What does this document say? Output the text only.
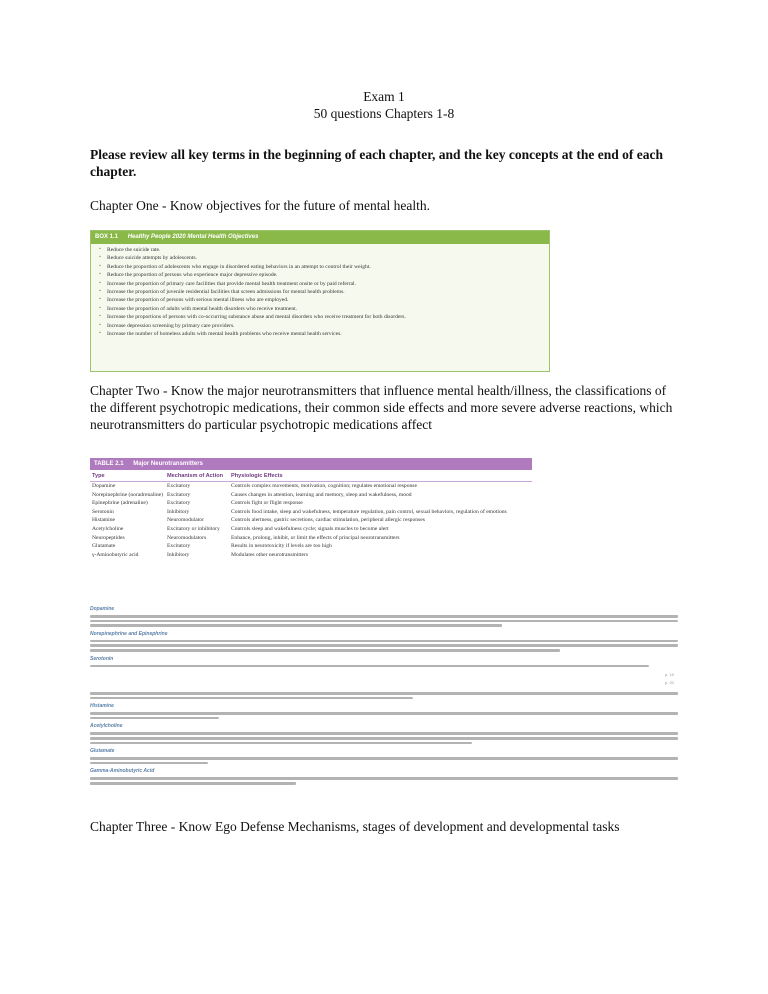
Exam 1
50 questions Chapters 1-8
Please review all key terms in the beginning of each chapter, and the key concepts at the end of each chapter.
Chapter One - Know objectives for the future of mental health.
BOX 1.1 Healthy People 2020 Mental Health Objectives
▪ Reduce the suicide rate.
▪ Reduce suicide attempts by adolescents.
▪ Reduce the proportion of adolescents who engage in disordered eating behaviors in an attempt to control their weight.
▪ Reduce the proportion of persons who experience major depressive episode.
▪ Increase the proportion of primary care facilities that provide mental health treatment onsite or by paid referral.
▪ Increase the proportion of juvenile residential facilities that screen admissions for mental health problems.
▪ Increase the proportion of persons with serious mental illness who are employed.
▪ Increase the proportion of adults with mental health disorders who receive treatment.
▪ Increase the proportions of persons with co-occurring substance abuse and mental disorders who receive treatment for both disorders.
▪ Increase depression screening by primary care providers.
▪ Increase the number of homeless adults with mental health problems who receive mental health services.
Chapter Two - Know the major neurotransmitters that influence mental health/illness, the classifications of the different psychotropic medications, their common side effects and more severe adverse reactions, which neurotransmitters do particular psychotropic medications affect
TABLE 2.1 Major Neurotransmitters
Type	Mechanism of Action	Physiologic Effects
Dopamine	Excitatory	Controls complex movements, motivation, cognition; regulates emotional response
Norepinephrine (noradrenaline)	Excitatory	Causes changes in attention, learning and memory, sleep and wakefulness, mood
Epinephrine (adrenaline)	Excitatory	Controls fight or flight response
Serotonin	Inhibitory	Controls food intake, sleep and wakefulness, temperature regulation, pain control, sexual behaviors, regulation of emotions
Histamine	Neuromodulator	Controls alertness, gastric secretions, cardiac stimulation, peripheral allergic responses
Acetylcholine	Excitatory or inhibitory	Controls sleep and wakefulness cycle; signals muscles to become alert
Neuropeptides	Neuromodulators	Enhance, prolong, inhibit, or limit the effects of principal neurotransmitters
Glutamate	Excitatory	Results in neurotoxicity if levels are too high
γ-Aminobutyric acid	Inhibitory	Modulates other neurotransmitters
Dopamine
Norepinephrine and Epinephrine
Serotonin
p. 19
p. 20
Histamine
Acetylcholine
Glutamate
Gamma-Aminobutyric Acid
Chapter Three - Know Ego Defense Mechanisms, stages of development and developmental tasks
